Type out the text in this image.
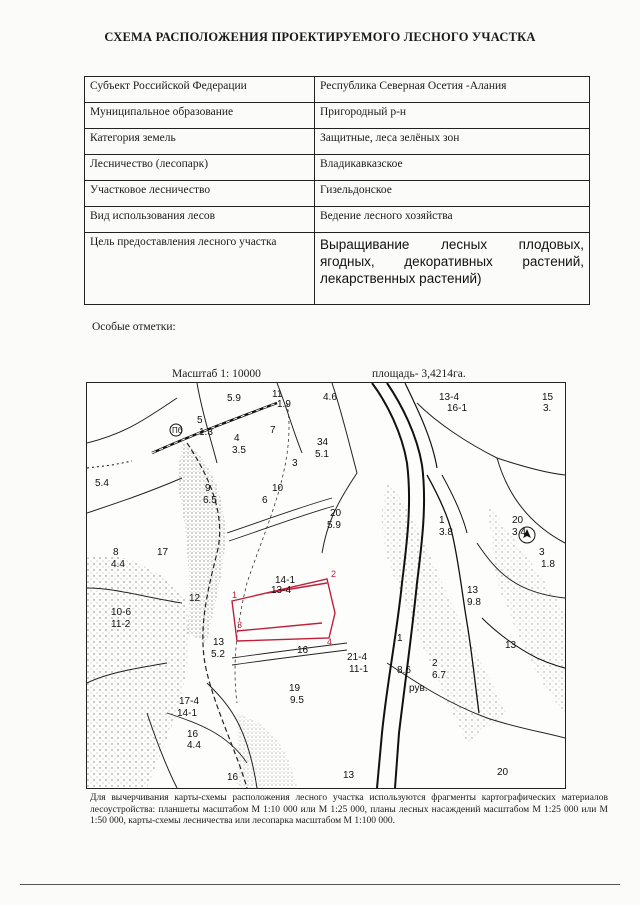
СХЕМА РАСПОЛОЖЕНИЯ ПРОЕКТИРУЕМОГО ЛЕСНОГО УЧАСТКА
Субъект Российской Федерации	Республика Северная Осетия -Алания
Муниципальное образование	Пригородный р-н
Категория земель	Защитные, леса зелёных зон
Лесничество (лесопарк)	Владикавказское
Участковое лесничество	Гизельдонское
Вид использования лесов	Ведение лесного хозяйства
Цель предоставления лесного участка	Выращивание лесных плодовых, ягодных, декоративных растений, лекарственных растений)
Особые отметки:
Масштаб 1: 10000	площадь- 3,4214га.
1
2
3
4
Пб
5.9	11
1.9
4.6	13-4
16-1
15
3.
5
1.3
4
3.5
7
34
5.1
3
5.4	9
6.5
10
6
20
5.9	1
3.8
20
3.4
8
4.4
17
14-1
13-4	13
9.8
3
1.8
10-6
11-2
12
13
5.2	16
21-4
11-1
1
8.6
2
6.7
13
19
9.5
17-4
14-1
16
4.4
16	13	20
рув.
Для вычерчивания карты-схемы расположения лесного участка используются фрагменты картографических материалов лесоустройства: планшеты масштабом М 1:10 000 или М 1:25 000, планы лесных насаждений масштабом М 1:25 000 или М 1:50 000, карты-схемы лесничества или лесопарка масштабом М 1:100 000.
